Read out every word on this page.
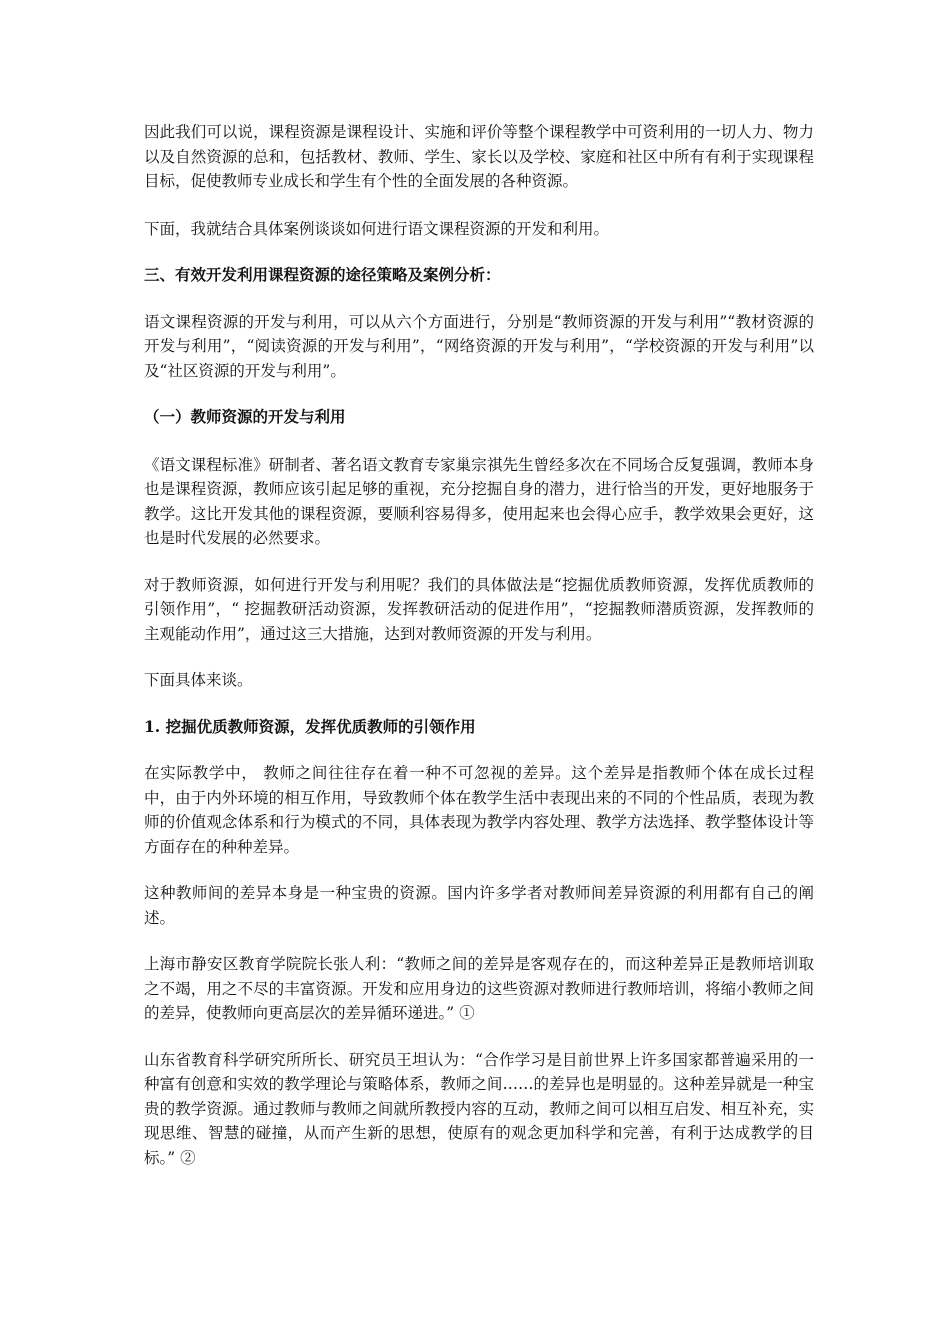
因此我们可以说，课程资源是课程设计、实施和评价等整个课程教学中可资利用的一切人力、物力以及自然资源的总和，包括教材、教师、学生、家长以及学校、家庭和社区中所有有利于实现课程目标，促使教师专业成长和学生有个性的全面发展的各种资源。

下面，我就结合具体案例谈谈如何进行语文课程资源的开发和利用。

三、有效开发利用课程资源的途径策略及案例分析：

语文课程资源的开发与利用，可以从六个方面进行，分别是“教师资源的开发与利用”“教材资源的开发与利用”，“阅读资源的开发与利用”，“网络资源的开发与利用”，“学校资源的开发与利用”以及“社区资源的开发与利用”。

（一）教师资源的开发与利用

《语文课程标准》研制者、著名语文教育专家巢宗祺先生曾经多次在不同场合反复强调，教师本身也是课程资源，教师应该引起足够的重视，充分挖掘自身的潜力，进行恰当的开发，更好地服务于教学。这比开发其他的课程资源，要顺利容易得多，使用起来也会得心应手，教学效果会更好，这也是时代发展的必然要求。

对于教师资源，如何进行开发与利用呢？我们的具体做法是“挖掘优质教师资源，发挥优质教师的引领作用”，“ 挖掘教研活动资源，发挥教研活动的促进作用”，“挖掘教师潜质资源，发挥教师的主观能动作用”，通过这三大措施，达到对教师资源的开发与利用。

下面具体来谈。

1. 挖掘优质教师资源，发挥优质教师的引领作用

在实际教学中， 教师之间往往存在着一种不可忽视的差异。这个差异是指教师个体在成长过程中，由于内外环境的相互作用，导致教师个体在教学生活中表现出来的不同的个性品质，表现为教师的价值观念体系和行为模式的不同，具体表现为教学内容处理、教学方法选择、教学整体设计等方面存在的种种差异。

这种教师间的差异本身是一种宝贵的资源。国内许多学者对教师间差异资源的利用都有自己的阐述。

上海市静安区教育学院院长张人利：“教师之间的差异是客观存在的，而这种差异正是教师培训取之不竭，用之不尽的丰富资源。开发和应用身边的这些资源对教师进行教师培训，将缩小教师之间的差异，使教师向更高层次的差异循环递进。” ①

山东省教育科学研究所所长、研究员王坦认为：“合作学习是目前世界上许多国家都普遍采用的一种富有创意和实效的教学理论与策略体系，教师之间……的差异也是明显的。这种差异就是一种宝贵的教学资源。通过教师与教师之间就所教授内容的互动，教师之间可以相互启发、相互补充，实现思维、智慧的碰撞，从而产生新的思想，使原有的观念更加科学和完善，有利于达成教学的目标。” ②
